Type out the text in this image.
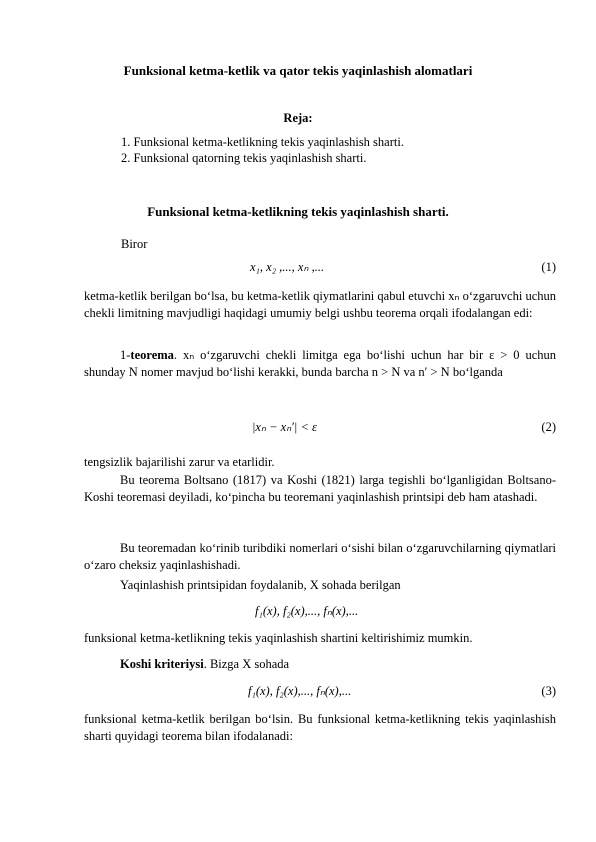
Funksional ketma-ketlik va qator tekis yaqinlashish alomatlari
Reja:
1. Funksional ketma-ketlikning tekis yaqinlashish sharti.
2. Funksional qatorning tekis yaqinlashish sharti.
Funksional ketma-ketlikning tekis yaqinlashish sharti.
Biror
x₁, x₂ ,..., xₙ ,...	(1)
ketma-ketlik berilgan bo‘lsa, bu ketma-ketlik qiymatlarini qabul etuvchi xₙ o‘zgaruvchi uchun chekli limitning mavjudligi haqidagi umumiy belgi ushbu teorema orqali ifodalangan edi:
1-teorema. xₙ o‘zgaruvchi chekli limitga ega bo‘lishi uchun har bir ε > 0 uchun shunday N nomer mavjud bo‘lishi kerakki, bunda barcha n > N va n′ > N bo‘lganda
|xₙ − xₙ′| < ε	(2)
tengsizlik bajarilishi zarur va etarlidir.
Bu teorema Boltsano (1817) va Koshi (1821) larga tegishli bo‘lganligidan Boltsano-Koshi teoremasi deyiladi, ko‘pincha bu teoremani yaqinlashish printsipi deb ham atashadi.
Bu teoremadan ko‘rinib turibdiki nomerlari o‘sishi bilan o‘zgaruvchilarning qiymatlari o‘zaro cheksiz yaqinlashishadi.
Yaqinlashish printsipidan foydalanib, X sohada berilgan
f₁(x), f₂(x),..., fₙ(x),...
funksional ketma-ketlikning tekis yaqinlashish shartini keltirishimiz mumkin.
Koshi kriteriysi. Bizga X sohada
f₁(x), f₂(x),..., fₙ(x),...	(3)
funksional ketma-ketlik berilgan bo‘lsin. Bu funksional ketma-ketlikning tekis yaqinlashish sharti quyidagi teorema bilan ifodalanadi:
